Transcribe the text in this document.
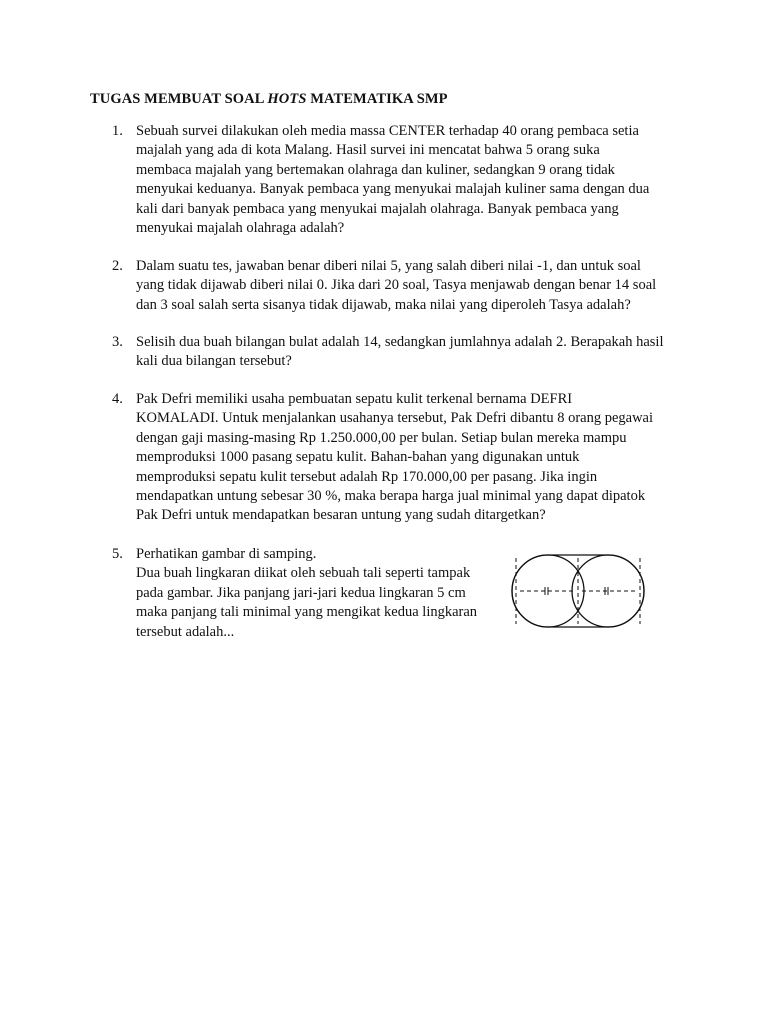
TUGAS MEMBUAT SOAL HOTS MATEMATIKA SMP
1. Sebuah survei dilakukan oleh media massa CENTER terhadap 40 orang pembaca setia

majalah yang ada di kota Malang. Hasil survei ini mencatat bahwa 5 orang suka

membaca majalah yang bertemakan olahraga dan kuliner, sedangkan 9 orang tidak

menyukai keduanya. Banyak pembaca yang menyukai malajah kuliner sama dengan dua

kali dari banyak pembaca yang menyukai majalah olahraga. Banyak pembaca yang

menyukai majalah olahraga adalah?

2. Dalam suatu tes, jawaban benar diberi nilai 5, yang salah diberi nilai -1, dan untuk soal

yang tidak dijawab diberi nilai 0. Jika dari 20 soal, Tasya menjawab dengan benar 14 soal

dan 3 soal salah serta sisanya tidak dijawab, maka nilai yang diperoleh Tasya adalah?

3. Selisih dua buah bilangan bulat adalah 14, sedangkan jumlahnya adalah 2. Berapakah hasil

kali dua bilangan tersebut?

4. Pak Defri memiliki usaha pembuatan sepatu kulit terkenal bernama DEFRI

KOMALADI. Untuk menjalankan usahanya tersebut, Pak Defri dibantu 8 orang pegawai

dengan gaji masing-masing Rp 1.250.000,00 per bulan. Setiap bulan mereka mampu

memproduksi 1000 pasang sepatu kulit. Bahan-bahan yang digunakan untuk

memproduksi sepatu kulit tersebut adalah Rp 170.000,00 per pasang. Jika ingin

mendapatkan untung sebesar 30 %, maka berapa harga jual minimal yang dapat dipatok

Pak Defri untuk mendapatkan besaran untung yang sudah ditargetkan?

5. Perhatikan gambar di samping.

Dua buah lingkaran diikat oleh sebuah tali seperti tampak

pada gambar. Jika panjang jari-jari kedua lingkaran 5 cm

maka panjang tali minimal yang mengikat kedua lingkaran

tersebut adalah...
